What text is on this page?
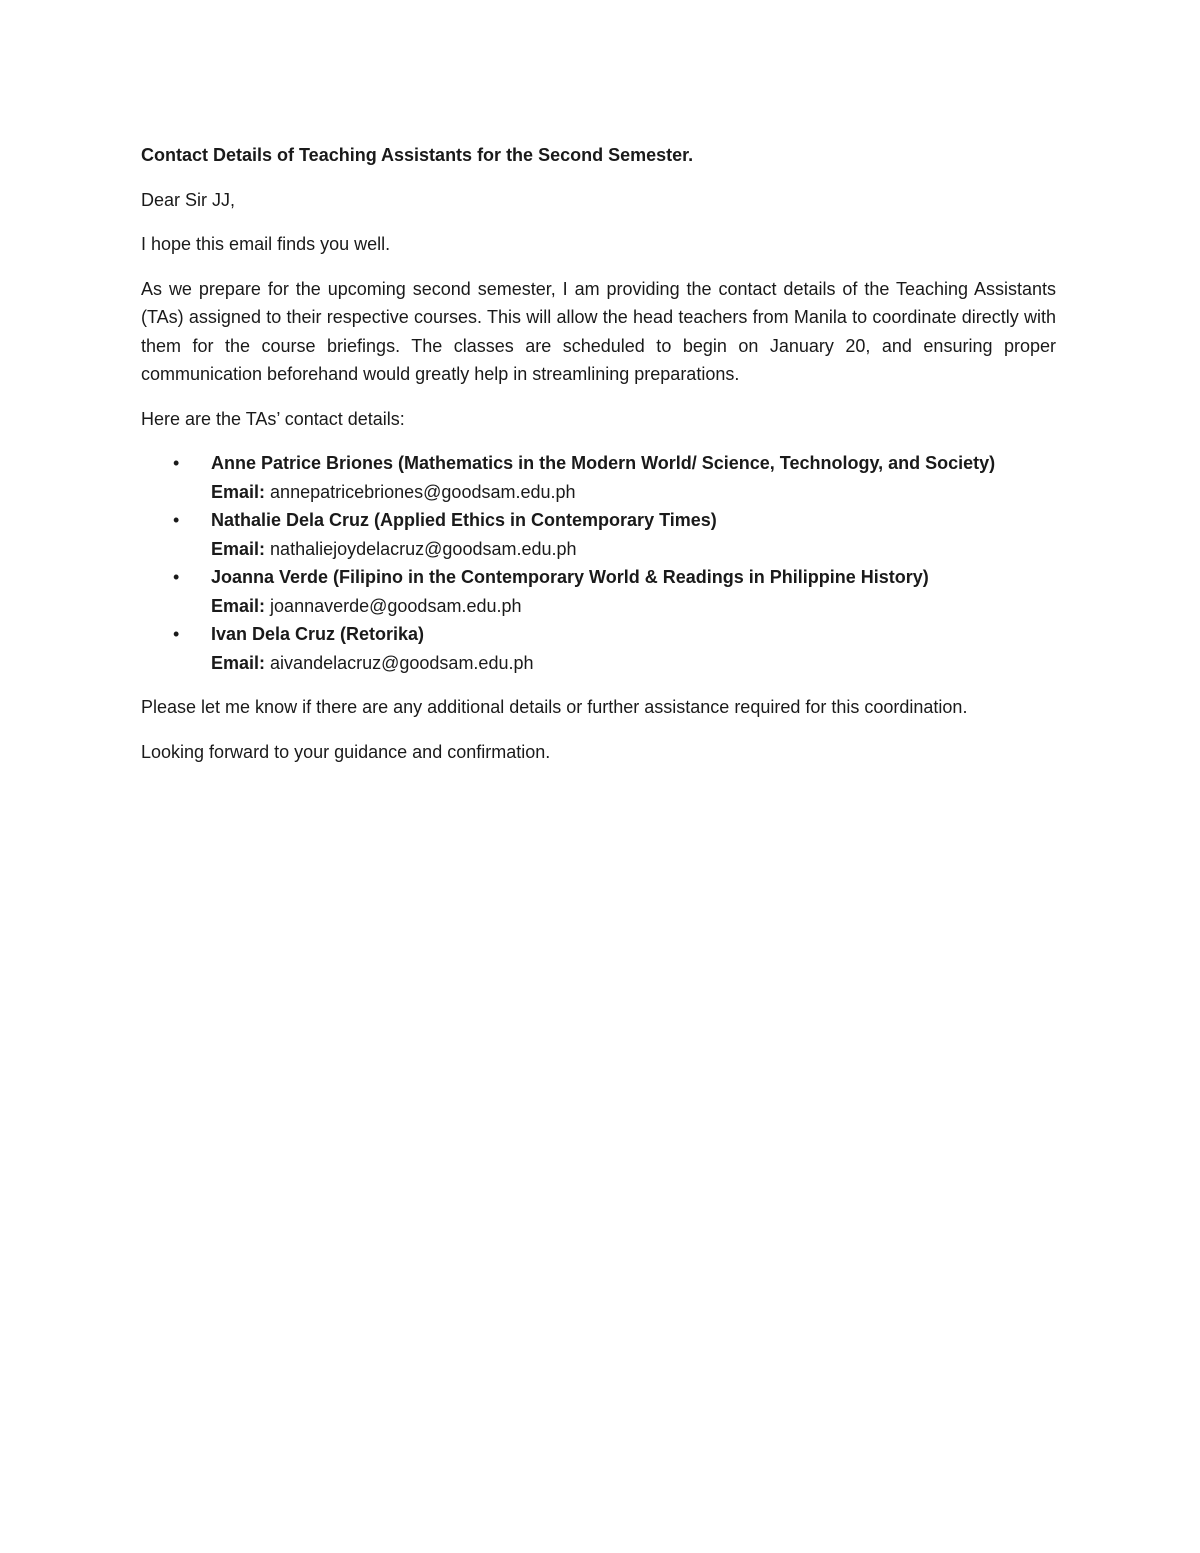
Contact Details of Teaching Assistants for the Second Semester.

Dear Sir JJ,

I hope this email finds you well.

As we prepare for the upcoming second semester, I am providing the contact details of the Teaching Assistants (TAs) assigned to their respective courses. This will allow the head teachers from Manila to coordinate directly with them for the course briefings. The classes are scheduled to begin on January 20, and ensuring proper communication beforehand would greatly help in streamlining preparations.

Here are the TAs’ contact details:

• Anne Patrice Briones (Mathematics in the Modern World/ Science, Technology, and Society)
Email: annepatricebriones@goodsam.edu.ph
• Nathalie Dela Cruz (Applied Ethics in Contemporary Times)
Email: nathaliejoydelacruz@goodsam.edu.ph
• Joanna Verde (Filipino in the Contemporary World & Readings in Philippine History)
Email: joannaverde@goodsam.edu.ph
• Ivan Dela Cruz (Retorika)
Email: aivandelacruz@goodsam.edu.ph

Please let me know if there are any additional details or further assistance required for this coordination.

Looking forward to your guidance and confirmation.
